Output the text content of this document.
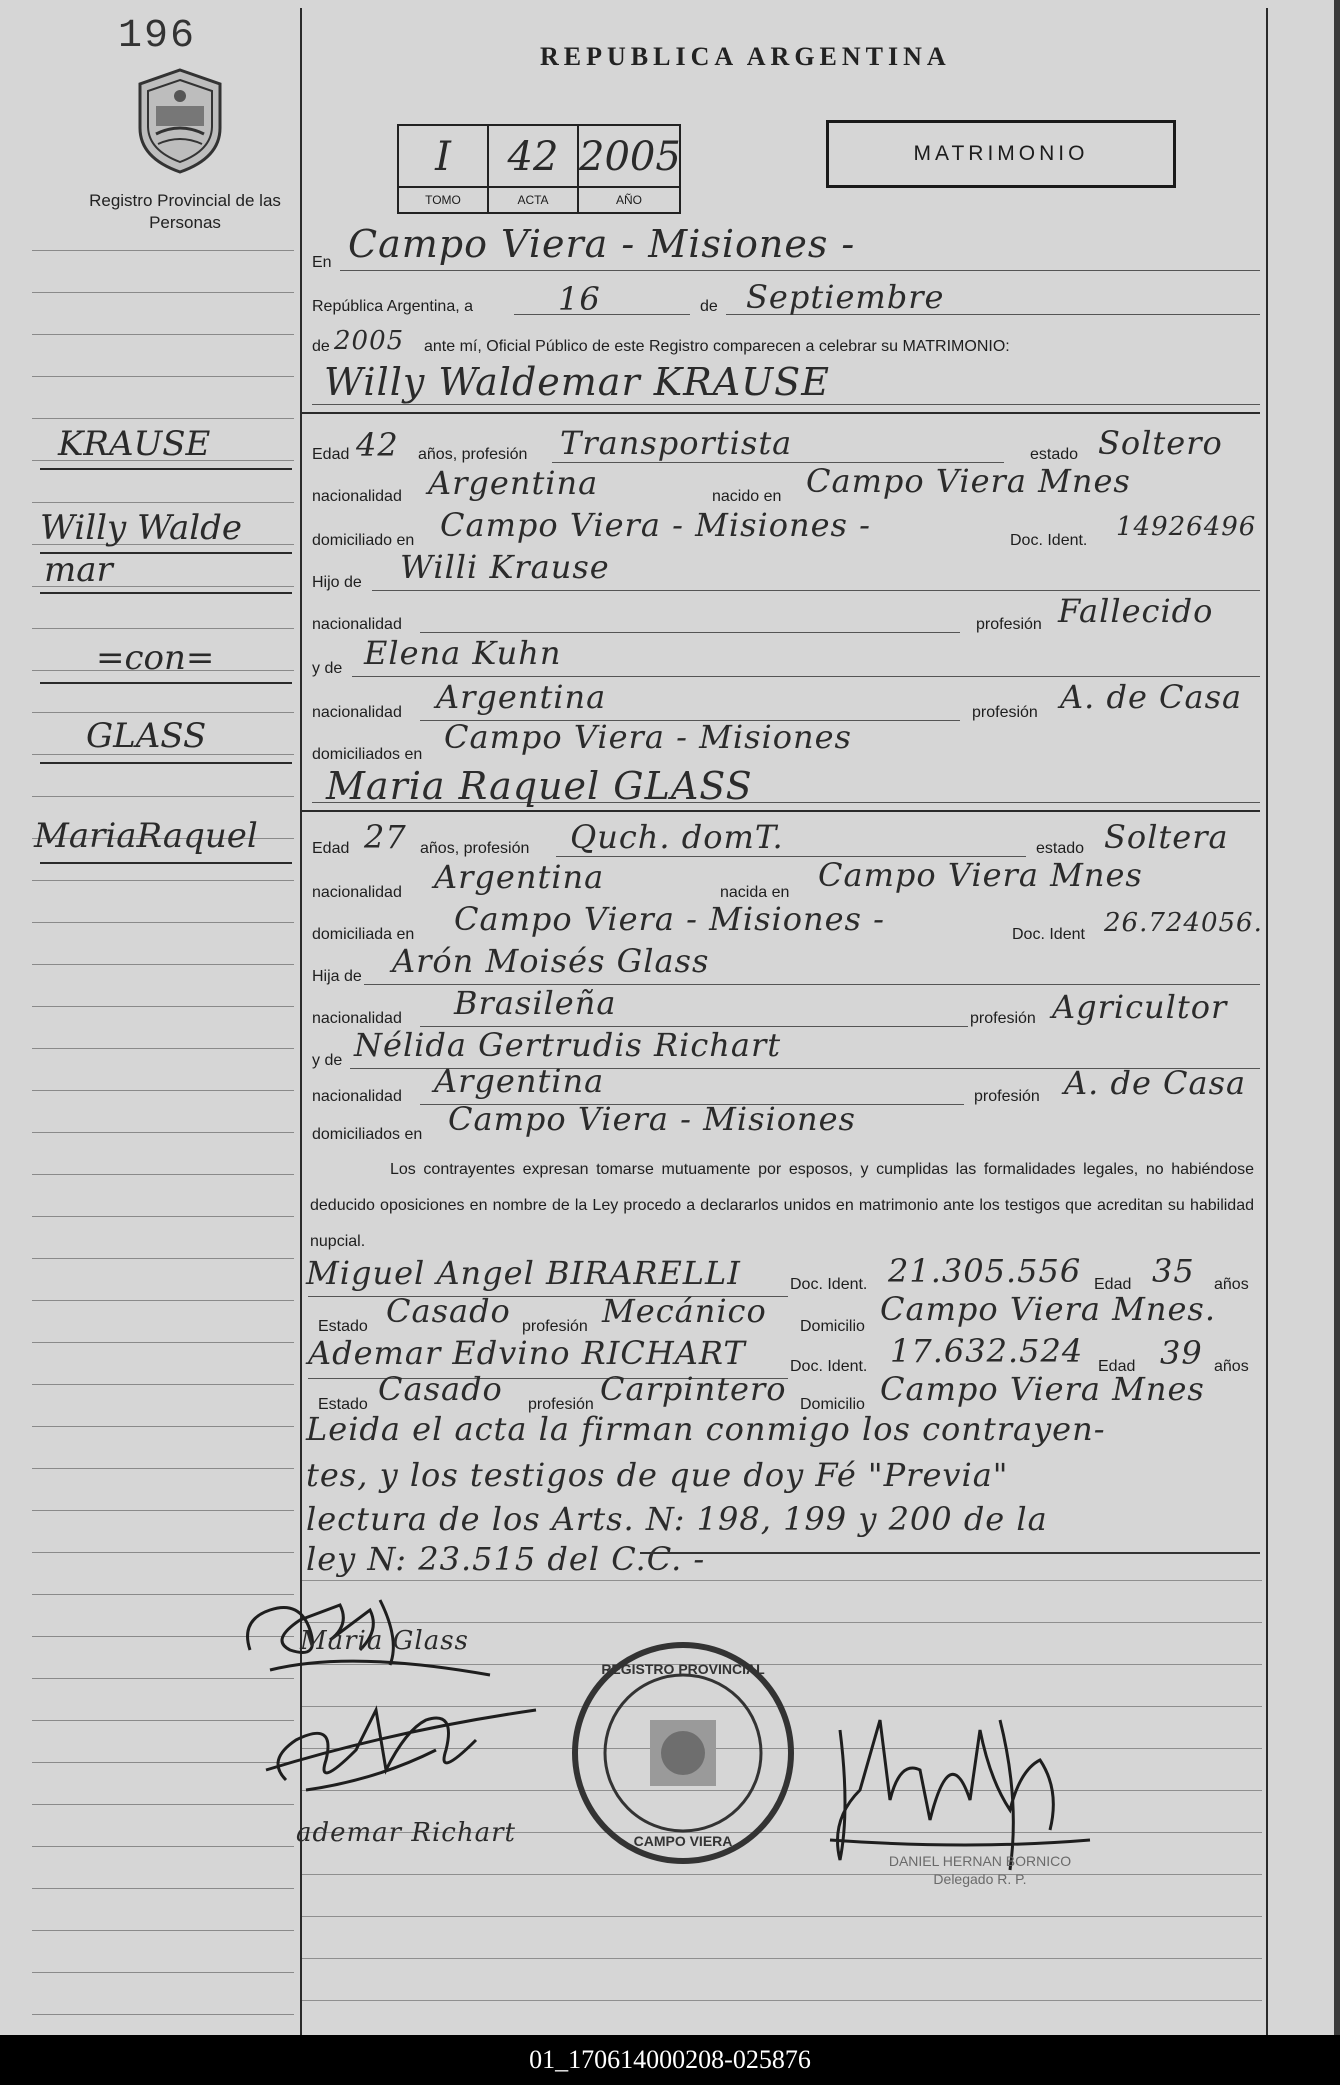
196
Registro Provincial de las Personas
REPUBLICA ARGENTINA
I
TOMO
42
ACTA
2005
AÑO
MATRIMONIO
En Campo Viera - Misiones -
República Argentina, a	16	de Septiembre
de 2005 ante mí, Oficial Público de este Registro comparecen a celebrar su MATRIMONIO:
Willy Waldemar KRAUSE
Edad 42 años, profesión Transportista	estado Soltero
nacionalidad Argentina	nacido en Campo Viera Mnes
domiciliado en Campo Viera - Misiones -	Doc. Ident. 14926496
Hijo de Willi Krause
nacionalidad	profesión Fallecido
y de Elena Kuhn
nacionalidad Argentina	profesión A. de Casa
domiciliados en Campo Viera - Misiones
Maria Raquel GLASS
Edad 27 años, profesión Quch. domT.	estado Soltera
nacionalidad Argentina	nacida en Campo Viera Mnes
domiciliada en Campo Viera - Misiones -	Doc. Ident 26.724056.
Hija de Arón Moisés Glass
nacionalidad Brasileña	profesión Agricultor
y de Nélida Gertrudis Richart
nacionalidad Argentina	profesión A. de Casa
domiciliados en Campo Viera - Misiones
Los contrayentes expresan tomarse mutuamente por esposos, y cumplidas las formalidades legales, no habiéndose deducido oposiciones en nombre de la Ley procedo a declararlos unidos en matrimonio ante los testigos que acreditan su habilidad nupcial.
Miguel Angel BIRARELLI	Doc. Ident. 21.305.556 Edad 35 años
Estado Casado profesión Mecánico Domicilio Campo Viera Mnes.
Ademar Edvino RICHART	Doc. Ident. 17.632.524 Edad 39 años
Estado Casado profesión Carpintero Domicilio Campo Viera Mnes
Leida el acta la firman conmigo los contrayen-
tes, y los testigos de que doy Fé "Previa"
lectura de los Arts. N: 198, 199 y 200 de la
ley N: 23.515 del C.C. -
KRAUSE
Willy Walde
mar
=con=
GLASS
MariaRaquel
Maria Glass
ademar Richart
REGISTRO PROVINCIAL
CAMPO VIERA
DANIEL HERNAN BORNICO
Delegado R. P.
01_170614000208-025876
